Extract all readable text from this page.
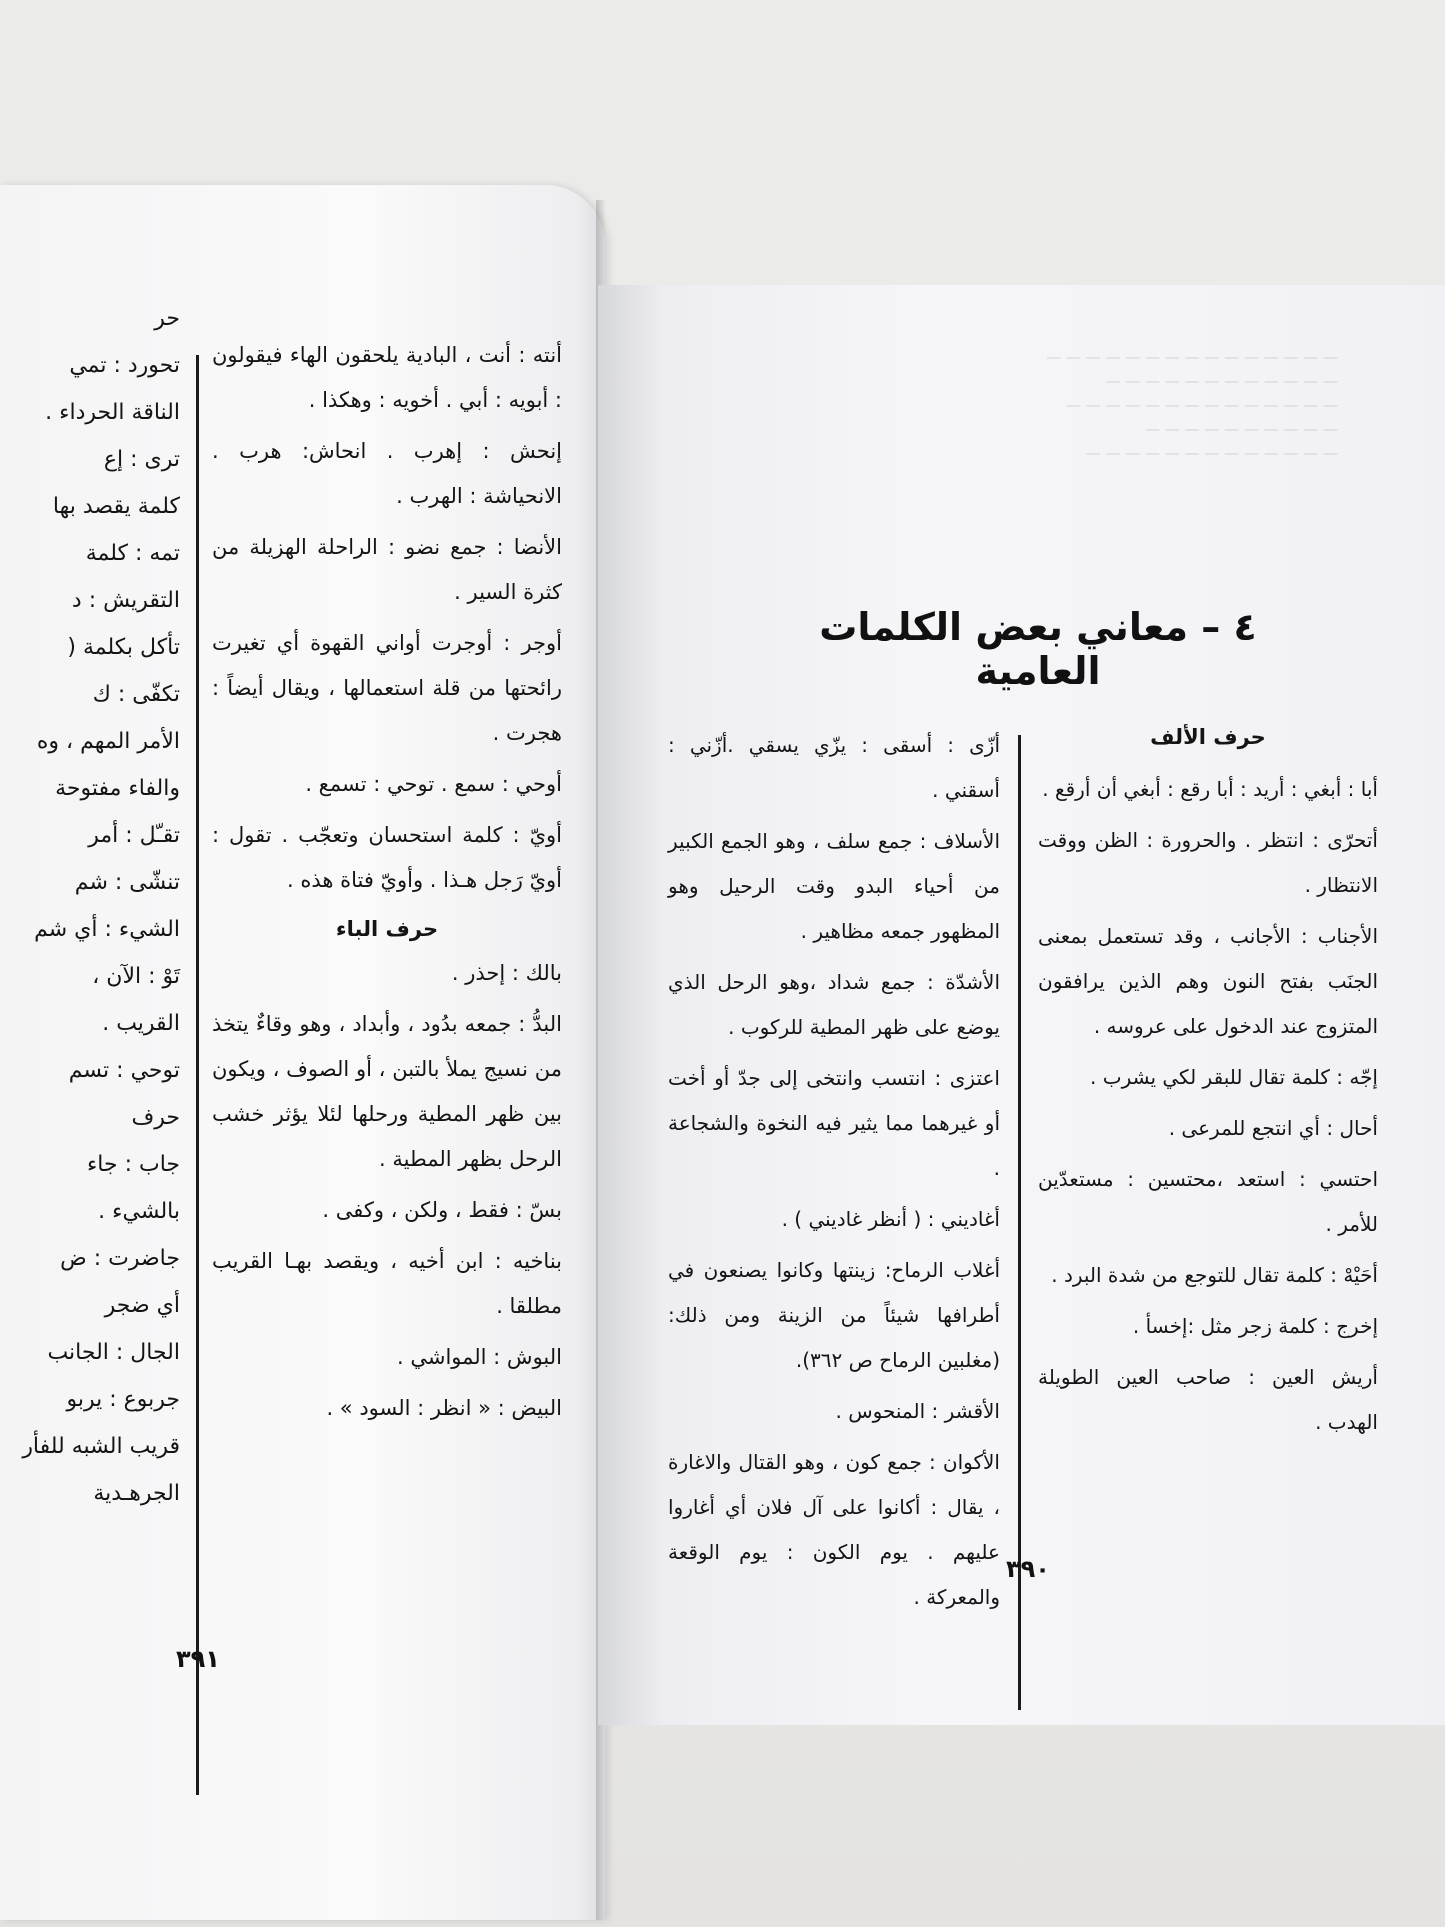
حر
تحورد : تمي
الناقة الحرداء .
ترى : إع
كلمة يقصد بها
تمه : كلمة
التقريش : د
تأكل بكلمة (
تكفّى : ك
الأمر المهم ، وه
والفاء مفتوحة
تقـّل : أمر
تنشّى : شم
الشيء : أي شم
تَوْ : الآن ،
القريب .
توحي : تسم
حرف
جاب : جاء
بالشيء .
جاضرت : ض
أي ضجر
الجال : الجانب
جربوع : يربو
قريب الشبه للفأر
الجرهـدية

أنته : أنت ، البادية يلحقون الهاء فيقولون : أبويه : أبي . أخويه : وهكذا .

إنحش : إهرب . انحاش: هرب . الانحياشة : الهرب .

الأنضا : جمع نضو : الراحلة الهزيلة من كثرة السير .

أوجر : أوجرت أواني القهوة أي تغيرت رائحتها من قلة استعمالها ، ويقال أيضاً : هجرت .

أوحي : سمع . توحي : تسمع .

أويّ : كلمة استحسان وتعجّب . تقول : أويّ رَجل هـذا . وأويّ فتاة هذه .

حرف الباء

بالك : إحذر .

البدُّ : جمعه بدُود ، وأبداد ، وهو وقاءٌ يتخذ من نسيج يملأ بالتبن ، أو الصوف ، ويكون بين ظهر المطية ورحلها لئلا يؤثر خشب الرحل بظهر المطية .

بسّ : فقط ، ولكن ، وكفى .

بناخيه : ابن أخيه ، ويقصد بهـا القريب مطلقا .

البوش : المواشي .

البيض : « انظر : السود » .

٣٩١
— — — — — — — — — — — — — — —
— — — — — — — — — — — —
— — — — — — — — — — — — — —
— — — — — — — — — —
— — — — — — — — — — — — —
٤ – معاني بعض الكلمات العامية
حرف الألف

أبا : أبغي : أريد : أبا رقع : أبغي أن أرقع .

أتحرّى : انتظر . والحرورة : الظن ووقت الانتظار .

الأجناب : الأجانب ، وقد تستعمل بمعنى الجنَب بفتح النون وهم الذين يرافقون المتزوج عند الدخول على عروسه .

إجّه : كلمة تقال للبقر لكي يشرب .

أحال : أي انتجع للمرعى .

احتسي : استعد ،محتسين : مستعدّين للأمر .

أحَيْهْ : كلمة تقال للتوجع من شدة البرد .

إخرج : كلمة زجر مثل :إخسأ .

أريش العين : صاحب العين الطويلة الهدب .

أزّى : أسقى : يزّي يسقي .أزّني : أسقني .

الأسلاف : جمع سلف ، وهو الجمع الكبير من أحياء البدو وقت الرحيل وهو المظهور جمعه مظاهير .

الأشدّة : جمع شداد ،وهو الرحل الذي يوضع على ظهر المطية للركوب .

اعتزى : انتسب وانتخى إلى جدّ أو أخت أو غيرهما مما يثير فيه النخوة والشجاعة .

أغاديني : ( أنظر غاديني ) .

أغلاب الرماح: زينتها وكانوا يصنعون في أطرافها شيئاً من الزينة ومن ذلك:(مغلبين الرماح ص ٣٦٢).

الأقشر : المنحوس .

الأكوان : جمع كون ، وهو القتال والاغارة ، يقال : أكانوا على آل فلان أي أغاروا عليهم . يوم الكون : يوم الوقعة والمعركة .

٣٩٠
